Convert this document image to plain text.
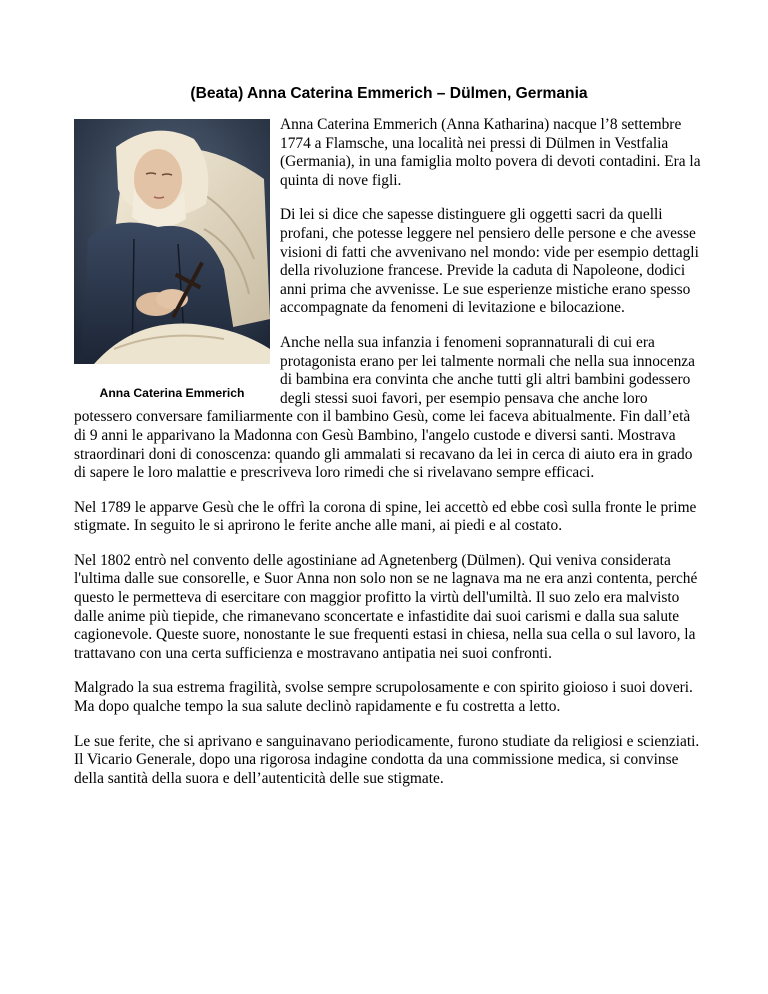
(Beata) Anna Caterina Emmerich – Dülmen, Germania
Anna Caterina Emmerich

Anna Caterina Emmerich (Anna Katharina) nacque l’8 settembre 1774 a Flamsche, una località nei pressi di Dülmen in Vestfalia (Germania), in una famiglia molto povera di devoti contadini. Era la quinta di nove figli.

Di lei si dice che sapesse distinguere gli oggetti sacri da quelli profani, che potesse leggere nel pensiero delle persone e che avesse visioni di fatti che avvenivano nel mondo: vide per esempio dettagli della rivoluzione francese. Previde la caduta di Napoleone, dodici anni prima che avvenisse. Le sue esperienze mistiche erano spesso accompagnate da fenomeni di levitazione e bilocazione.

Anche nella sua infanzia i fenomeni soprannaturali di cui era protagonista erano per lei talmente normali che nella sua innocenza di bambina era convinta che anche tutti gli altri bambini godessero degli stessi suoi favori, per esempio pensava che anche loro potessero conversare familiarmente con il bambino Gesù, come lei faceva abitualmente. Fin dall’età di 9 anni le apparivano la Madonna con Gesù Bambino, l'angelo custode e diversi santi. Mostrava straordinari doni di conoscenza: quando gli ammalati si recavano da lei in cerca di aiuto era in grado di sapere le loro malattie e prescriveva loro rimedi che si rivelavano sempre efficaci.

Nel 1789 le apparve Gesù che le offrì la corona di spine, lei accettò ed ebbe così sulla fronte le prime stigmate. In seguito le si aprirono le ferite anche alle mani, ai piedi e al costato.

Nel 1802 entrò nel convento delle agostiniane ad Agnetenberg (Dülmen). Qui veniva considerata l'ultima dalle sue consorelle, e Suor Anna non solo non se ne lagnava ma ne era anzi contenta, perché questo le permetteva di esercitare con maggior profitto la virtù dell'umiltà. Il suo zelo era malvisto dalle anime più tiepide, che rimanevano sconcertate e infastidite dai suoi carismi e dalla sua salute cagionevole. Queste suore, nonostante le sue frequenti estasi in chiesa, nella sua cella o sul lavoro, la trattavano con una certa sufficienza e mostravano antipatia nei suoi confronti.

Malgrado la sua estrema fragilità, svolse sempre scrupolosamente e con spirito gioioso i suoi doveri. Ma dopo qualche tempo la sua salute declinò rapidamente e fu costretta a letto.

Le sue ferite, che si aprivano e sanguinavano periodicamente, furono studiate da religiosi e scienziati. Il Vicario Generale, dopo una rigorosa indagine condotta da una commissione medica, si convinse della santità della suora e dell’autenticità delle sue stigmate.
